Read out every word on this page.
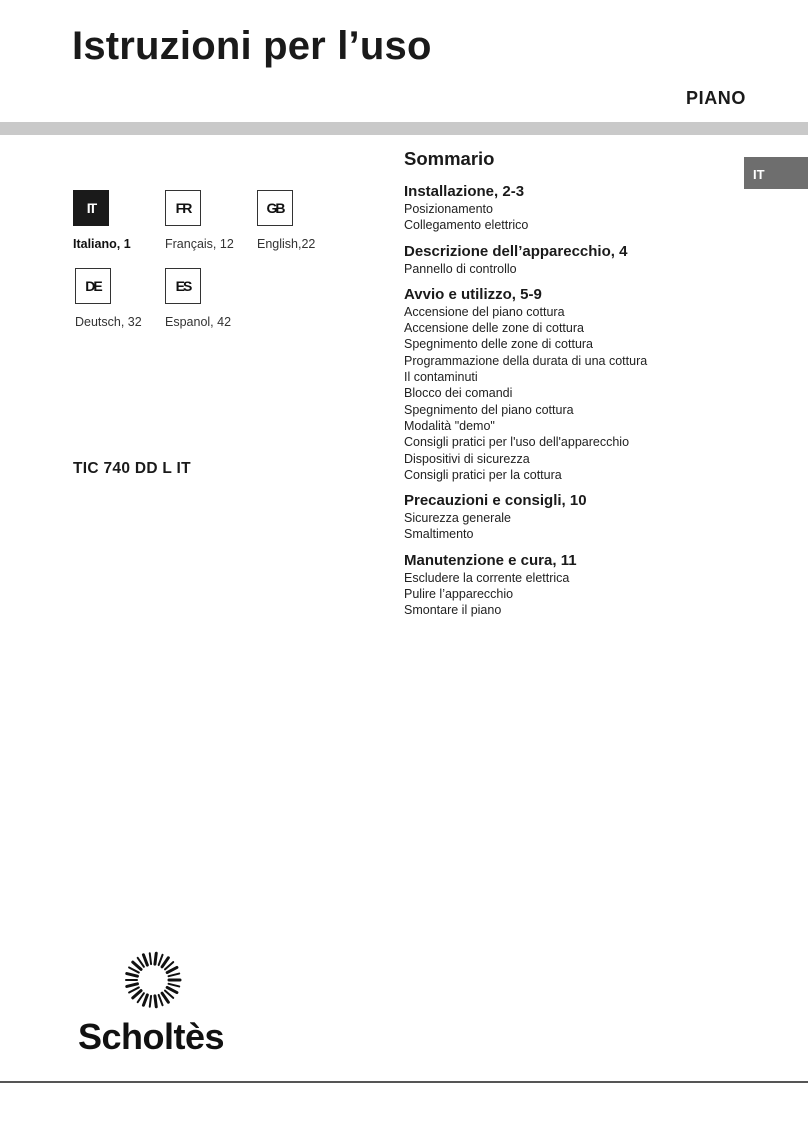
Istruzioni per l’uso
PIANO
IT
IT
Italiano, 1
FR
Français, 12
GB
English,22
DE
Deutsch, 32
ES
Espanol, 42
TIC 740 DD L IT
Sommario
Installazione, 2-3
Posizionamento
Collegamento elettrico
Descrizione dell’apparecchio, 4
Pannello di controllo
Avvio e utilizzo, 5-9
Accensione del piano cottura
Accensione delle zone di cottura
Spegnimento delle zone di cottura
Programmazione della durata di una cottura
Il contaminuti
Blocco dei comandi
Spegnimento del piano cottura
Modalità "demo"
Consigli pratici per l'uso dell'apparecchio
Dispositivi di sicurezza
Consigli pratici per la cottura
Precauzioni e consigli, 10
Sicurezza generale
Smaltimento
Manutenzione e cura, 11
Escludere la corrente elettrica
Pulire l’apparecchio
Smontare il piano
Scholtès
